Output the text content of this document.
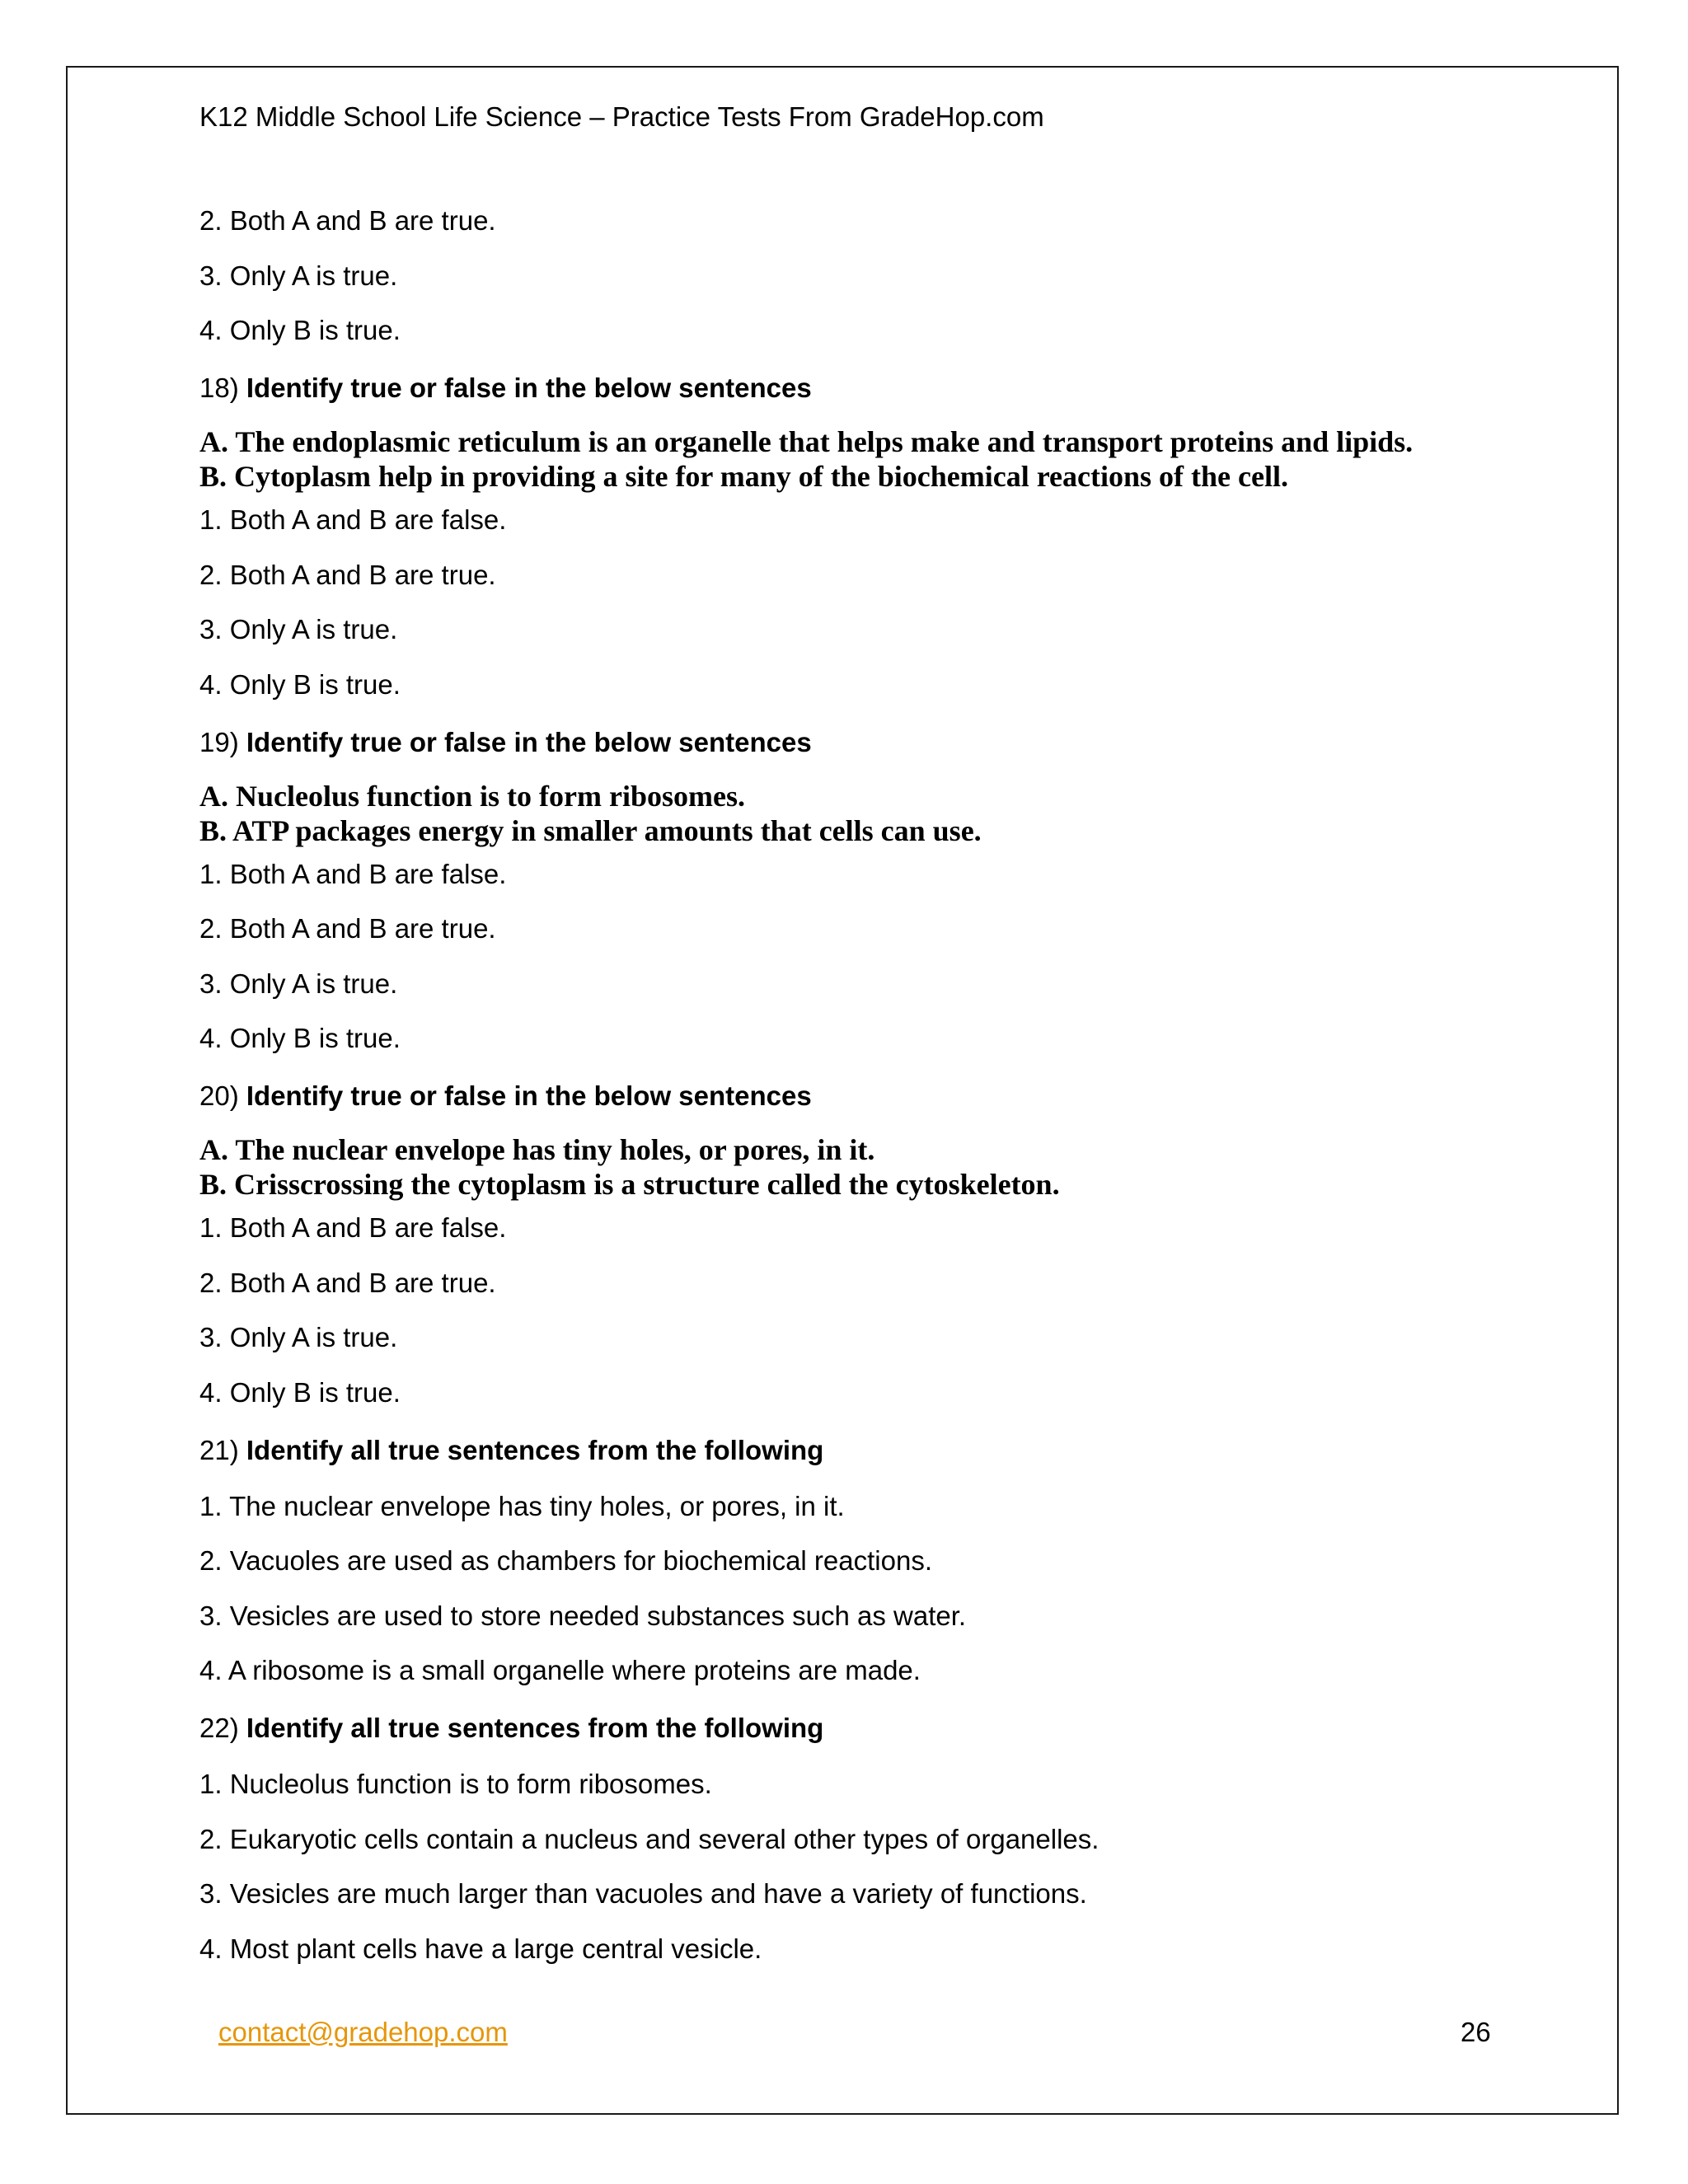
K12 Middle School Life Science – Practice Tests From GradeHop.com
2. Both A and B are true.
3. Only A is true.
4. Only B is true.
18) Identify true or false in the below sentences
A. The endoplasmic reticulum is an organelle that helps make and transport proteins and lipids.
B. Cytoplasm help in providing a site for many of the biochemical reactions of the cell.
1. Both A and B are false.
2. Both A and B are true.
3. Only A is true.
4. Only B is true.
19) Identify true or false in the below sentences
A. Nucleolus function is to form ribosomes.
B. ATP packages energy in smaller amounts that cells can use.
1. Both A and B are false.
2. Both A and B are true.
3. Only A is true.
4. Only B is true.
20) Identify true or false in the below sentences
A. The nuclear envelope has tiny holes, or pores, in it.
B. Crisscrossing the cytoplasm is a structure called the cytoskeleton.
1. Both A and B are false.
2. Both A and B are true.
3. Only A is true.
4. Only B is true.
21) Identify all true sentences from the following
1. The nuclear envelope has tiny holes, or pores, in it.
2. Vacuoles are used as chambers for biochemical reactions.
3. Vesicles are used to store needed substances such as water.
4. A ribosome is a small organelle where proteins are made.
22) Identify all true sentences from the following
1. Nucleolus function is to form ribosomes.
2. Eukaryotic cells contain a nucleus and several other types of organelles.
3. Vesicles are much larger than vacuoles and have a variety of functions.
4. Most plant cells have a large central vesicle.
contact@gradehop.com	26
